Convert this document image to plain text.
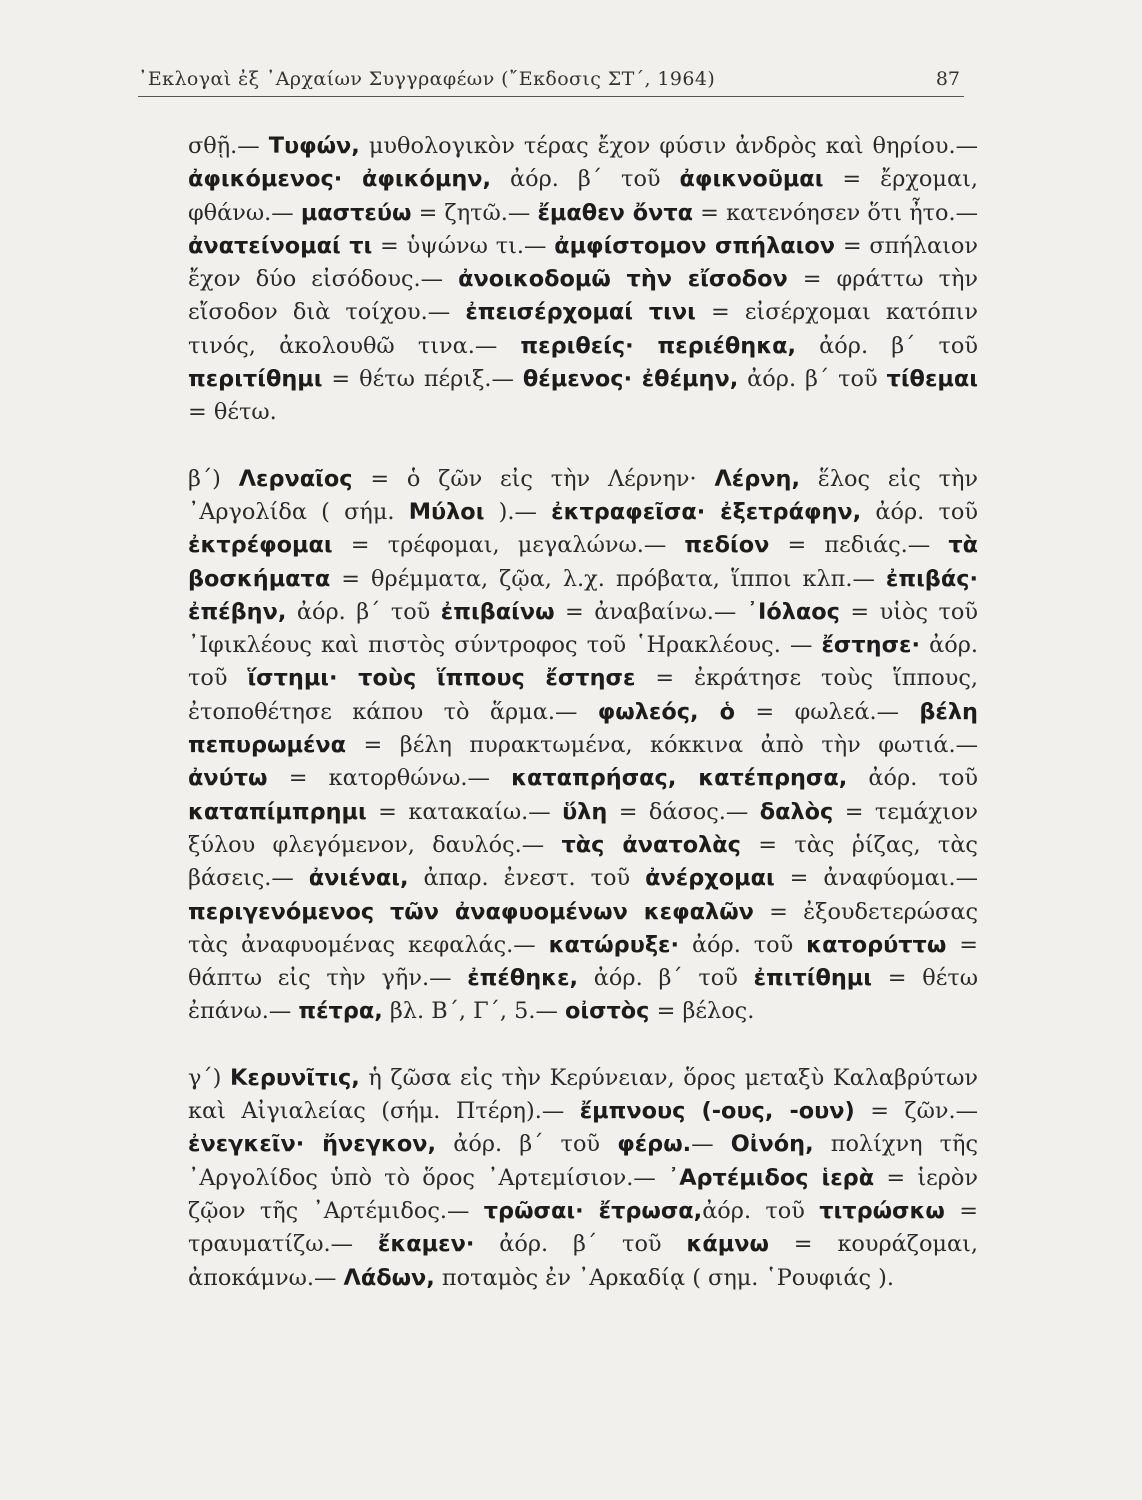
᾽Εκλογαὶ ἐξ ᾽Αρχαίων Συγγραφέων (῎Εκδοσις ΣΤ΄, 1964)	87

σθῇ.— Τυφών, μυθολογικὸν τέρας ἔχον φύσιν ἀνδρὸς καὶ θηρίου.— ἀφικόμενος· ἀφικόμην, ἀόρ. β΄ τοῦ ἀφικνοῦμαι = ἔρχομαι, φθάνω.— μαστεύω = ζητῶ.— ἔμαθεν ὄντα = κατενόησεν ὅτι ἦτο.— ἀνατείνομαί τι = ὑψώνω τι.— ἀμφίστομον σπήλαιον = σπήλαιον ἔχον δύο εἰσόδους.— ἀνοικοδομῶ τὴν εἴσοδον = φράττω τὴν εἴσοδον διὰ τοίχου.— ἐπεισέρχομαί τινι = εἰσέρχομαι κατόπιν τινός, ἀκολουθῶ τινα.— περιθείς· περιέθηκα, ἀόρ. β΄ τοῦ περιτίθημι = θέτω πέριξ.— θέμενος· ἐθέμην, ἀόρ. β΄ τοῦ τίθεμαι = θέτω.

β΄) Λερναῖος = ὁ ζῶν εἰς τὴν Λέρνην· Λέρνη, ἕλος εἰς τὴν ᾽Αργολίδα ( σήμ. Μύλοι ).— ἐκτραφεῖσα· ἐξετράφην, ἀόρ. τοῦ ἐκτρέφομαι = τρέφομαι, μεγαλώνω.— πεδίον = πεδιάς.— τὰ βοσκήματα = θρέμματα, ζῷα, λ.χ. πρόβατα, ἵπποι κλπ.— ἐπιβάς· ἐπέβην, ἀόρ. β΄ τοῦ ἐπιβαίνω = ἀναβαίνω.— ᾽Ιόλαος = υἱὸς τοῦ ᾽Ιφικλέους καὶ πιστὸς σύντροφος τοῦ ῾Ηρακλέους. — ἔστησε· ἀόρ. τοῦ ἵστημι· τοὺς ἵππους ἔστησε = ἐκράτησε τοὺς ἵππους, ἐτοποθέτησε κάπου τὸ ἅρμα.— φωλεός, ὁ = φωλεά.— βέλη πεπυρωμένα = βέλη πυρακτωμένα, κόκκινα ἀπὸ τὴν φωτιά.— ἀνύτω = κατορθώνω.— καταπρήσας, κατέπρησα, ἀόρ. τοῦ καταπίμπρημι = κατακαίω.— ὕλη = δάσος.— δαλὸς = τεμάχιον ξύλου φλεγόμενον, δαυλός.— τὰς ἀνατολὰς = τὰς ῥίζας, τὰς βάσεις.— ἀνιέναι, ἀπαρ. ἐνεστ. τοῦ ἀνέρχομαι = ἀναφύομαι.— περιγενόμενος τῶν ἀναφυομένων κεφαλῶν = ἐξουδετερώσας τὰς ἀναφυομένας κεφαλάς.— κατώρυξε· ἀόρ. τοῦ κατορύττω = θάπτω εἰς τὴν γῆν.— ἐπέθηκε, ἀόρ. β΄ τοῦ ἐπιτίθημι = θέτω ἐπάνω.— πέτρα, βλ. Β΄, Γ΄, 5.— οἰστὸς = βέλος.

γ΄) Κερυνῖτις, ἡ ζῶσα εἰς τὴν Κερύνειαν, ὅρος μεταξὺ Καλαβρύτων καὶ Αἰγιαλείας (σήμ. Πτέρη).— ἔμπνους (-ους, -ουν) = ζῶν.— ἐνεγκεῖν· ἤνεγκον, ἀόρ. β΄ τοῦ φέρω.— Οἰνόη, πολίχνη τῆς ᾽Αργολίδος ὑπὸ τὸ ὅρος ᾽Αρτεμίσιον.— ᾽Αρτέμιδος ἱερὰ = ἱερὸν ζῷον τῆς ᾽Αρτέμιδος.— τρῶσαι· ἔτρωσα,ἀόρ. τοῦ τιτρώσκω = τραυματίζω.— ἔκαμεν· ἀόρ. β΄ τοῦ κάμνω = κουράζομαι, ἀποκάμνω.— Λάδων, ποταμὸς ἐν ᾽Αρκαδίᾳ ( σημ. ῾Ρουφιάς ).
